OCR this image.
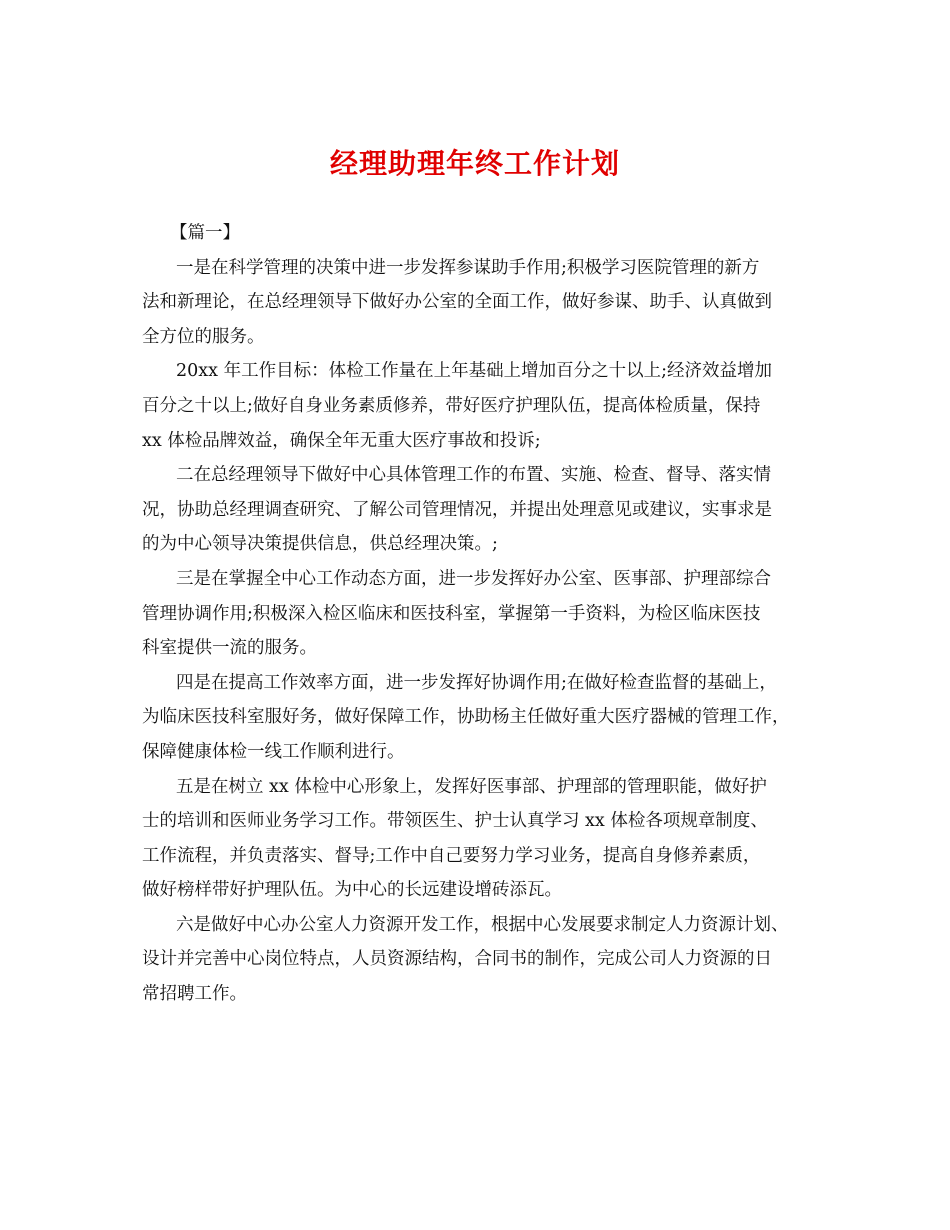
经理助理年终工作计划
【篇一】
一是在科学管理的决策中进一步发挥参谋助手作用;积极学习医院管理的新方
法和新理论，在总经理领导下做好办公室的全面工作，做好参谋、助手、认真做到
全方位的服务。
20xx 年工作目标：体检工作量在上年基础上增加百分之十以上;经济效益增加
百分之十以上;做好自身业务素质修养，带好医疗护理队伍，提高体检质量，保持
xx 体检品牌效益，确保全年无重大医疗事故和投诉;
二在总经理领导下做好中心具体管理工作的布置、实施、检查、督导、落实情
况，协助总经理调查研究、了解公司管理情况，并提出处理意见或建议，实事求是
的为中心领导决策提供信息，供总经理决策。;
三是在掌握全中心工作动态方面，进一步发挥好办公室、医事部、护理部综合
管理协调作用;积极深入检区临床和医技科室，掌握第一手资料，为检区临床医技
科室提供一流的服务。
四是在提高工作效率方面，进一步发挥好协调作用;在做好检查监督的基础上，
为临床医技科室服好务，做好保障工作，协助杨主任做好重大医疗器械的管理工作，
保障健康体检一线工作顺利进行。
五是在树立 xx 体检中心形象上，发挥好医事部、护理部的管理职能，做好护
士的培训和医师业务学习工作。带领医生、护士认真学习 xx 体检各项规章制度、
工作流程，并负责落实、督导;工作中自己要努力学习业务，提高自身修养素质，
做好榜样带好护理队伍。为中心的长远建设增砖添瓦。
六是做好中心办公室人力资源开发工作，根据中心发展要求制定人力资源计划、
设计并完善中心岗位特点，人员资源结构，合同书的制作，完成公司人力资源的日
常招聘工作。
